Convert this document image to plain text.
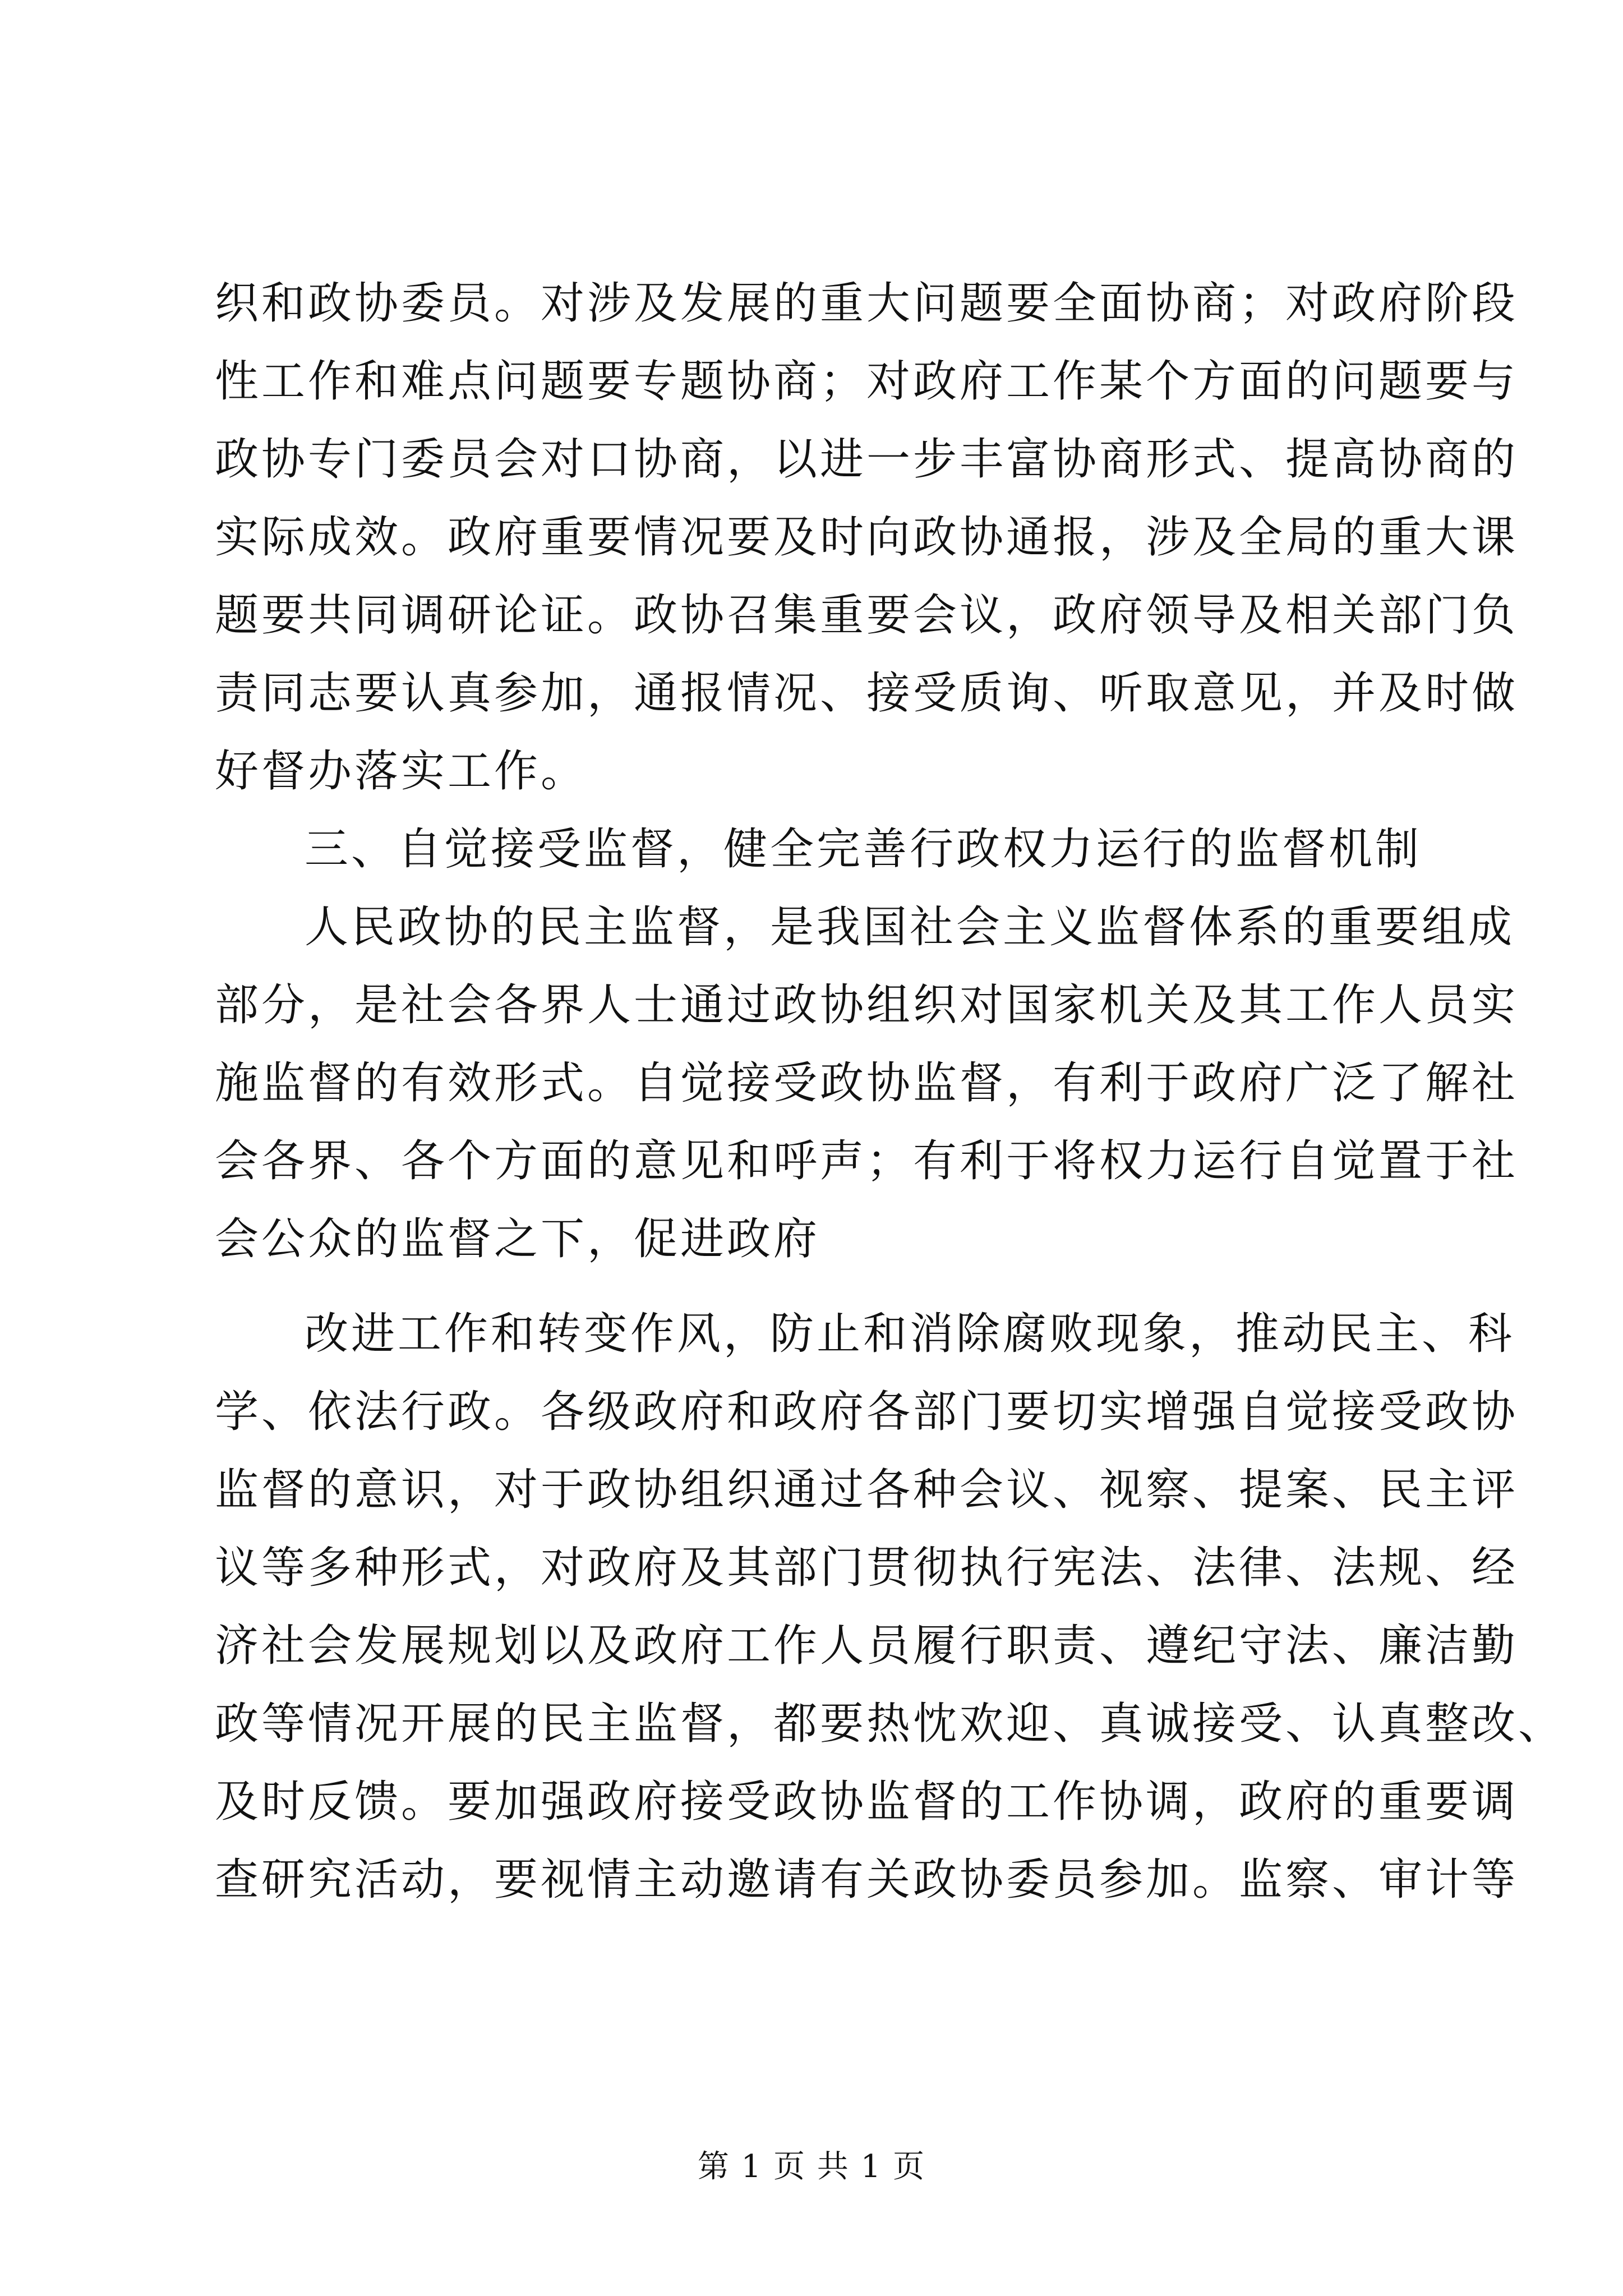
织和政协委员。对涉及发展的重大问题要全面协商；对政府阶段
性工作和难点问题要专题协商；对政府工作某个方面的问题要与
政协专门委员会对口协商，以进一步丰富协商形式、提高协商的
实际成效。政府重要情况要及时向政协通报，涉及全局的重大课
题要共同调研论证。政协召集重要会议，政府领导及相关部门负
责同志要认真参加，通报情况、接受质询、听取意见，并及时做
好督办落实工作。
三、自觉接受监督，健全完善行政权力运行的监督机制
人民政协的民主监督，是我国社会主义监督体系的重要组成
部分，是社会各界人士通过政协组织对国家机关及其工作人员实
施监督的有效形式。自觉接受政协监督，有利于政府广泛了解社
会各界、各个方面的意见和呼声；有利于将权力运行自觉置于社
会公众的监督之下，促进政府
改进工作和转变作风，防止和消除腐败现象，推动民主、科
学、依法行政。各级政府和政府各部门要切实增强自觉接受政协
监督的意识，对于政协组织通过各种会议、视察、提案、民主评
议等多种形式，对政府及其部门贯彻执行宪法、法律、法规、经
济社会发展规划以及政府工作人员履行职责、遵纪守法、廉洁勤
政等情况开展的民主监督，都要热忱欢迎、真诚接受、认真整改、
及时反馈。要加强政府接受政协监督的工作协调，政府的重要调
查研究活动，要视情主动邀请有关政协委员参加。监察、审计等
第 1 页 共 1 页
